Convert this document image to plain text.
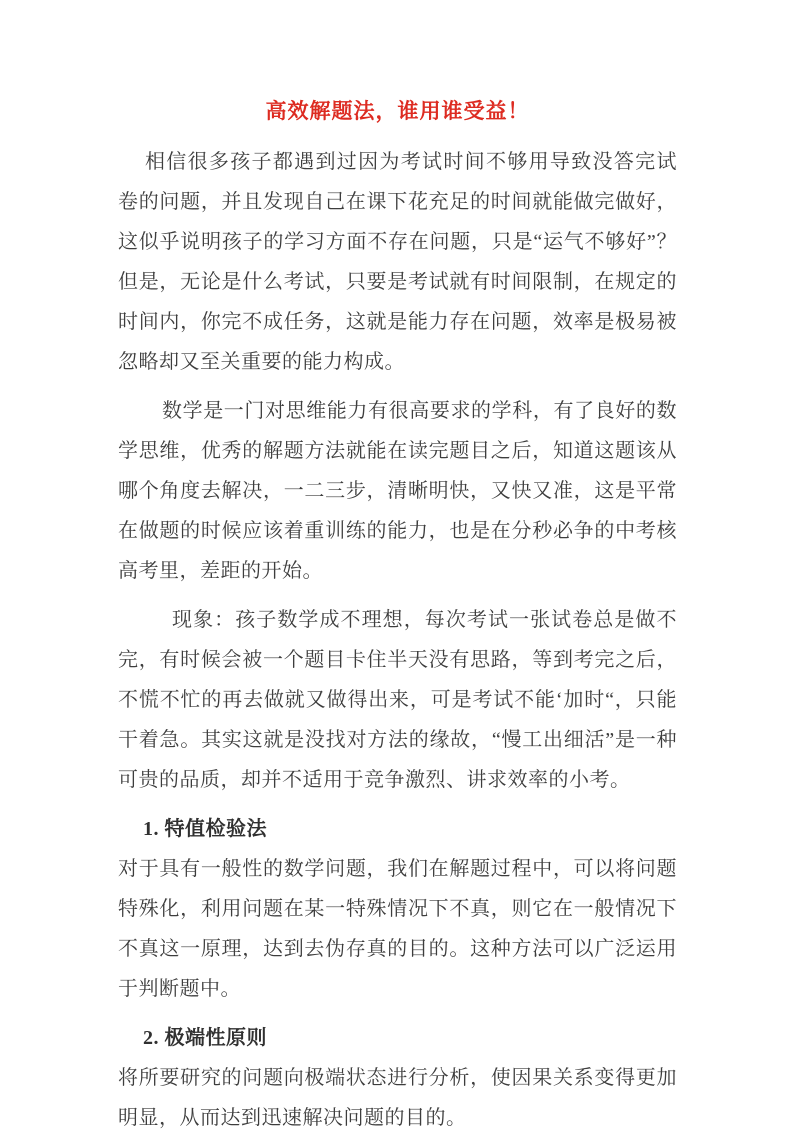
高效解题法，谁用谁受益！

相信很多孩子都遇到过因为考试时间不够用导致没答完试卷的问题，并且发现自己在课下花充足的时间就能做完做好，这似乎说明孩子的学习方面不存在问题，只是“运气不够好”？但是，无论是什么考试，只要是考试就有时间限制，在规定的时间内，你完不成任务，这就是能力存在问题，效率是极易被忽略却又至关重要的能力构成。

数学是一门对思维能力有很高要求的学科，有了良好的数学思维，优秀的解题方法就能在读完题目之后，知道这题该从哪个角度去解决，一二三步，清晰明快，又快又准，这是平常在做题的时候应该着重训练的能力，也是在分秒必争的中考核高考里，差距的开始。

现象：孩子数学成不理想，每次考试一张试卷总是做不完，有时候会被一个题目卡住半天没有思路，等到考完之后，不慌不忙的再去做就又做得出来，可是考试不能‘加时“，只能干着急。其实这就是没找对方法的缘故，“慢工出细活”是一种可贵的品质，却并不适用于竞争激烈、讲求效率的小考。

1. 特值检验法

对于具有一般性的数学问题，我们在解题过程中，可以将问题特殊化，利用问题在某一特殊情况下不真，则它在一般情况下不真这一原理，达到去伪存真的目的。这种方法可以广泛运用于判断题中。

2. 极端性原则

将所要研究的问题向极端状态进行分析，使因果关系变得更加明显，从而达到迅速解决问题的目的。
